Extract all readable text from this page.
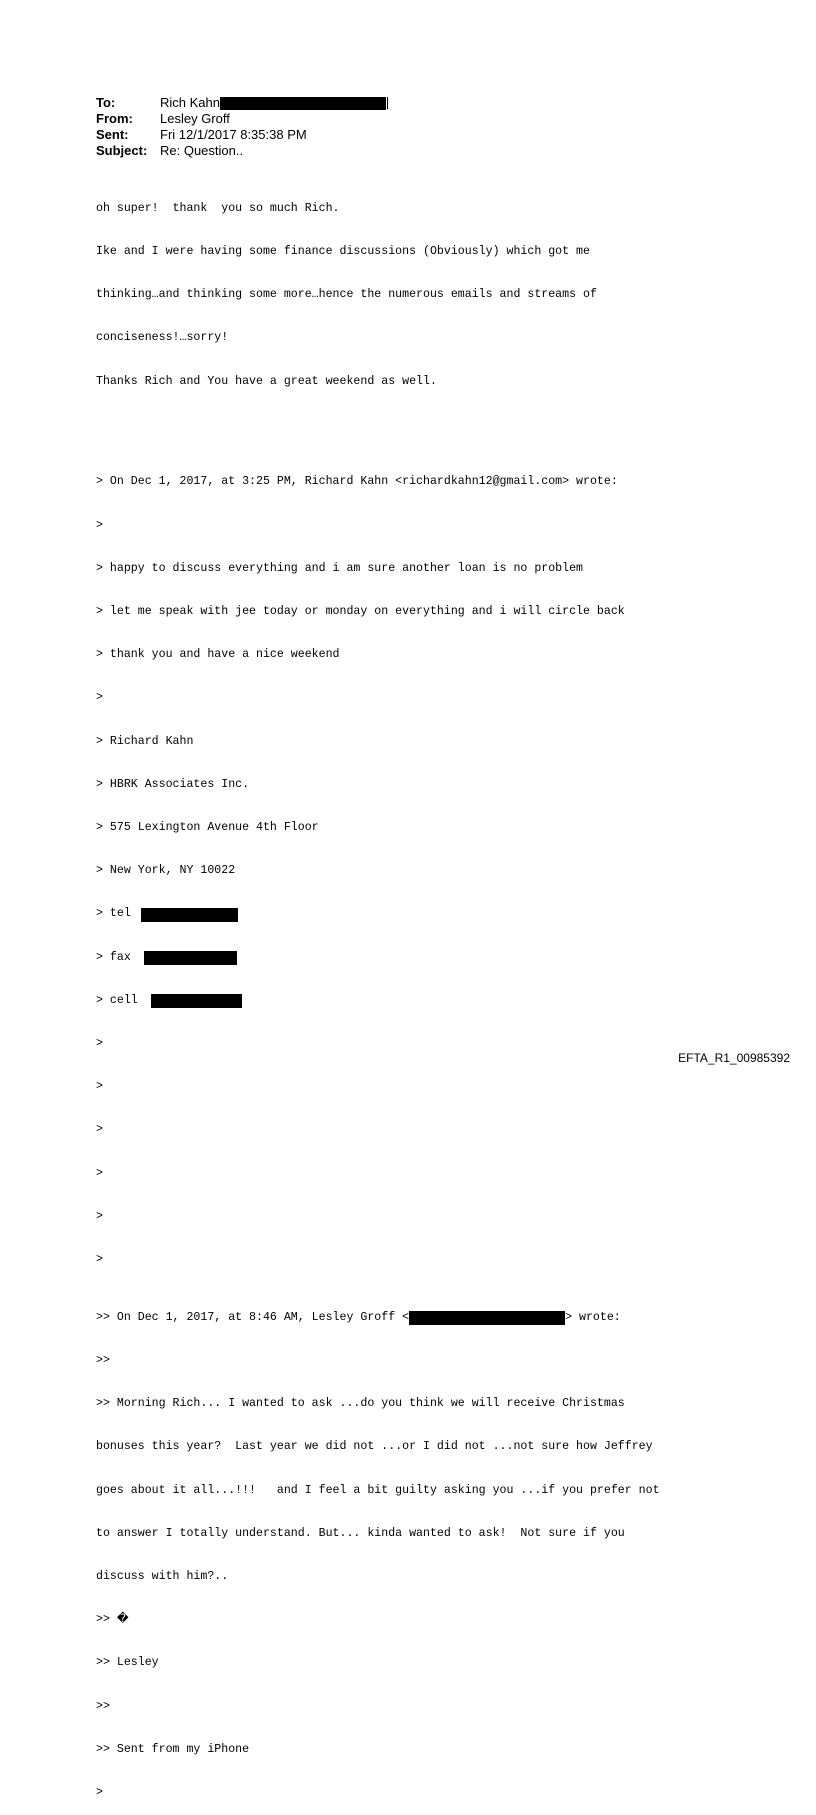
To:	Rich Kahn
From:	Lesley Groff
Sent:	Fri 12/1/2017 8:35:38 PM
Subject: Re: Question..

oh super!  thank  you so much Rich.

Ike and I were having some finance discussions (Obviously) which got me

thinking…and thinking some more…hence the numerous emails and streams of

conciseness!…sorry!

Thanks Rich and You have a great weekend as well.

> On Dec 1, 2017, at 3:25 PM, Richard Kahn <richardkahn12@gmail.com> wrote:

>

> happy to discuss everything and i am sure another loan is no problem

> let me speak with jee today or monday on everything and i will circle back

> thank you and have a nice weekend

>

> Richard Kahn

> HBRK Associates Inc.

> 575 Lexington Avenue 4th Floor

> New York, NY 10022

> tel

> fax

> cell

>

>

>

>

>

>

>> On Dec 1, 2017, at 8:46 AM, Lesley Groff <	> wrote:

>>

>> Morning Rich... I wanted to ask ...do you think we will receive Christmas

bonuses this year?  Last year we did not ...or I did not ...not sure how Jeffrey

goes about it all...!!!   and I feel a bit guilty asking you ...if you prefer not

to answer I totally understand. But... kinda wanted to ask!  Not sure if you

discuss with him?..

>> �

>> Lesley

>>

>> Sent from my iPhone

>

EFTA_R1_00985392
